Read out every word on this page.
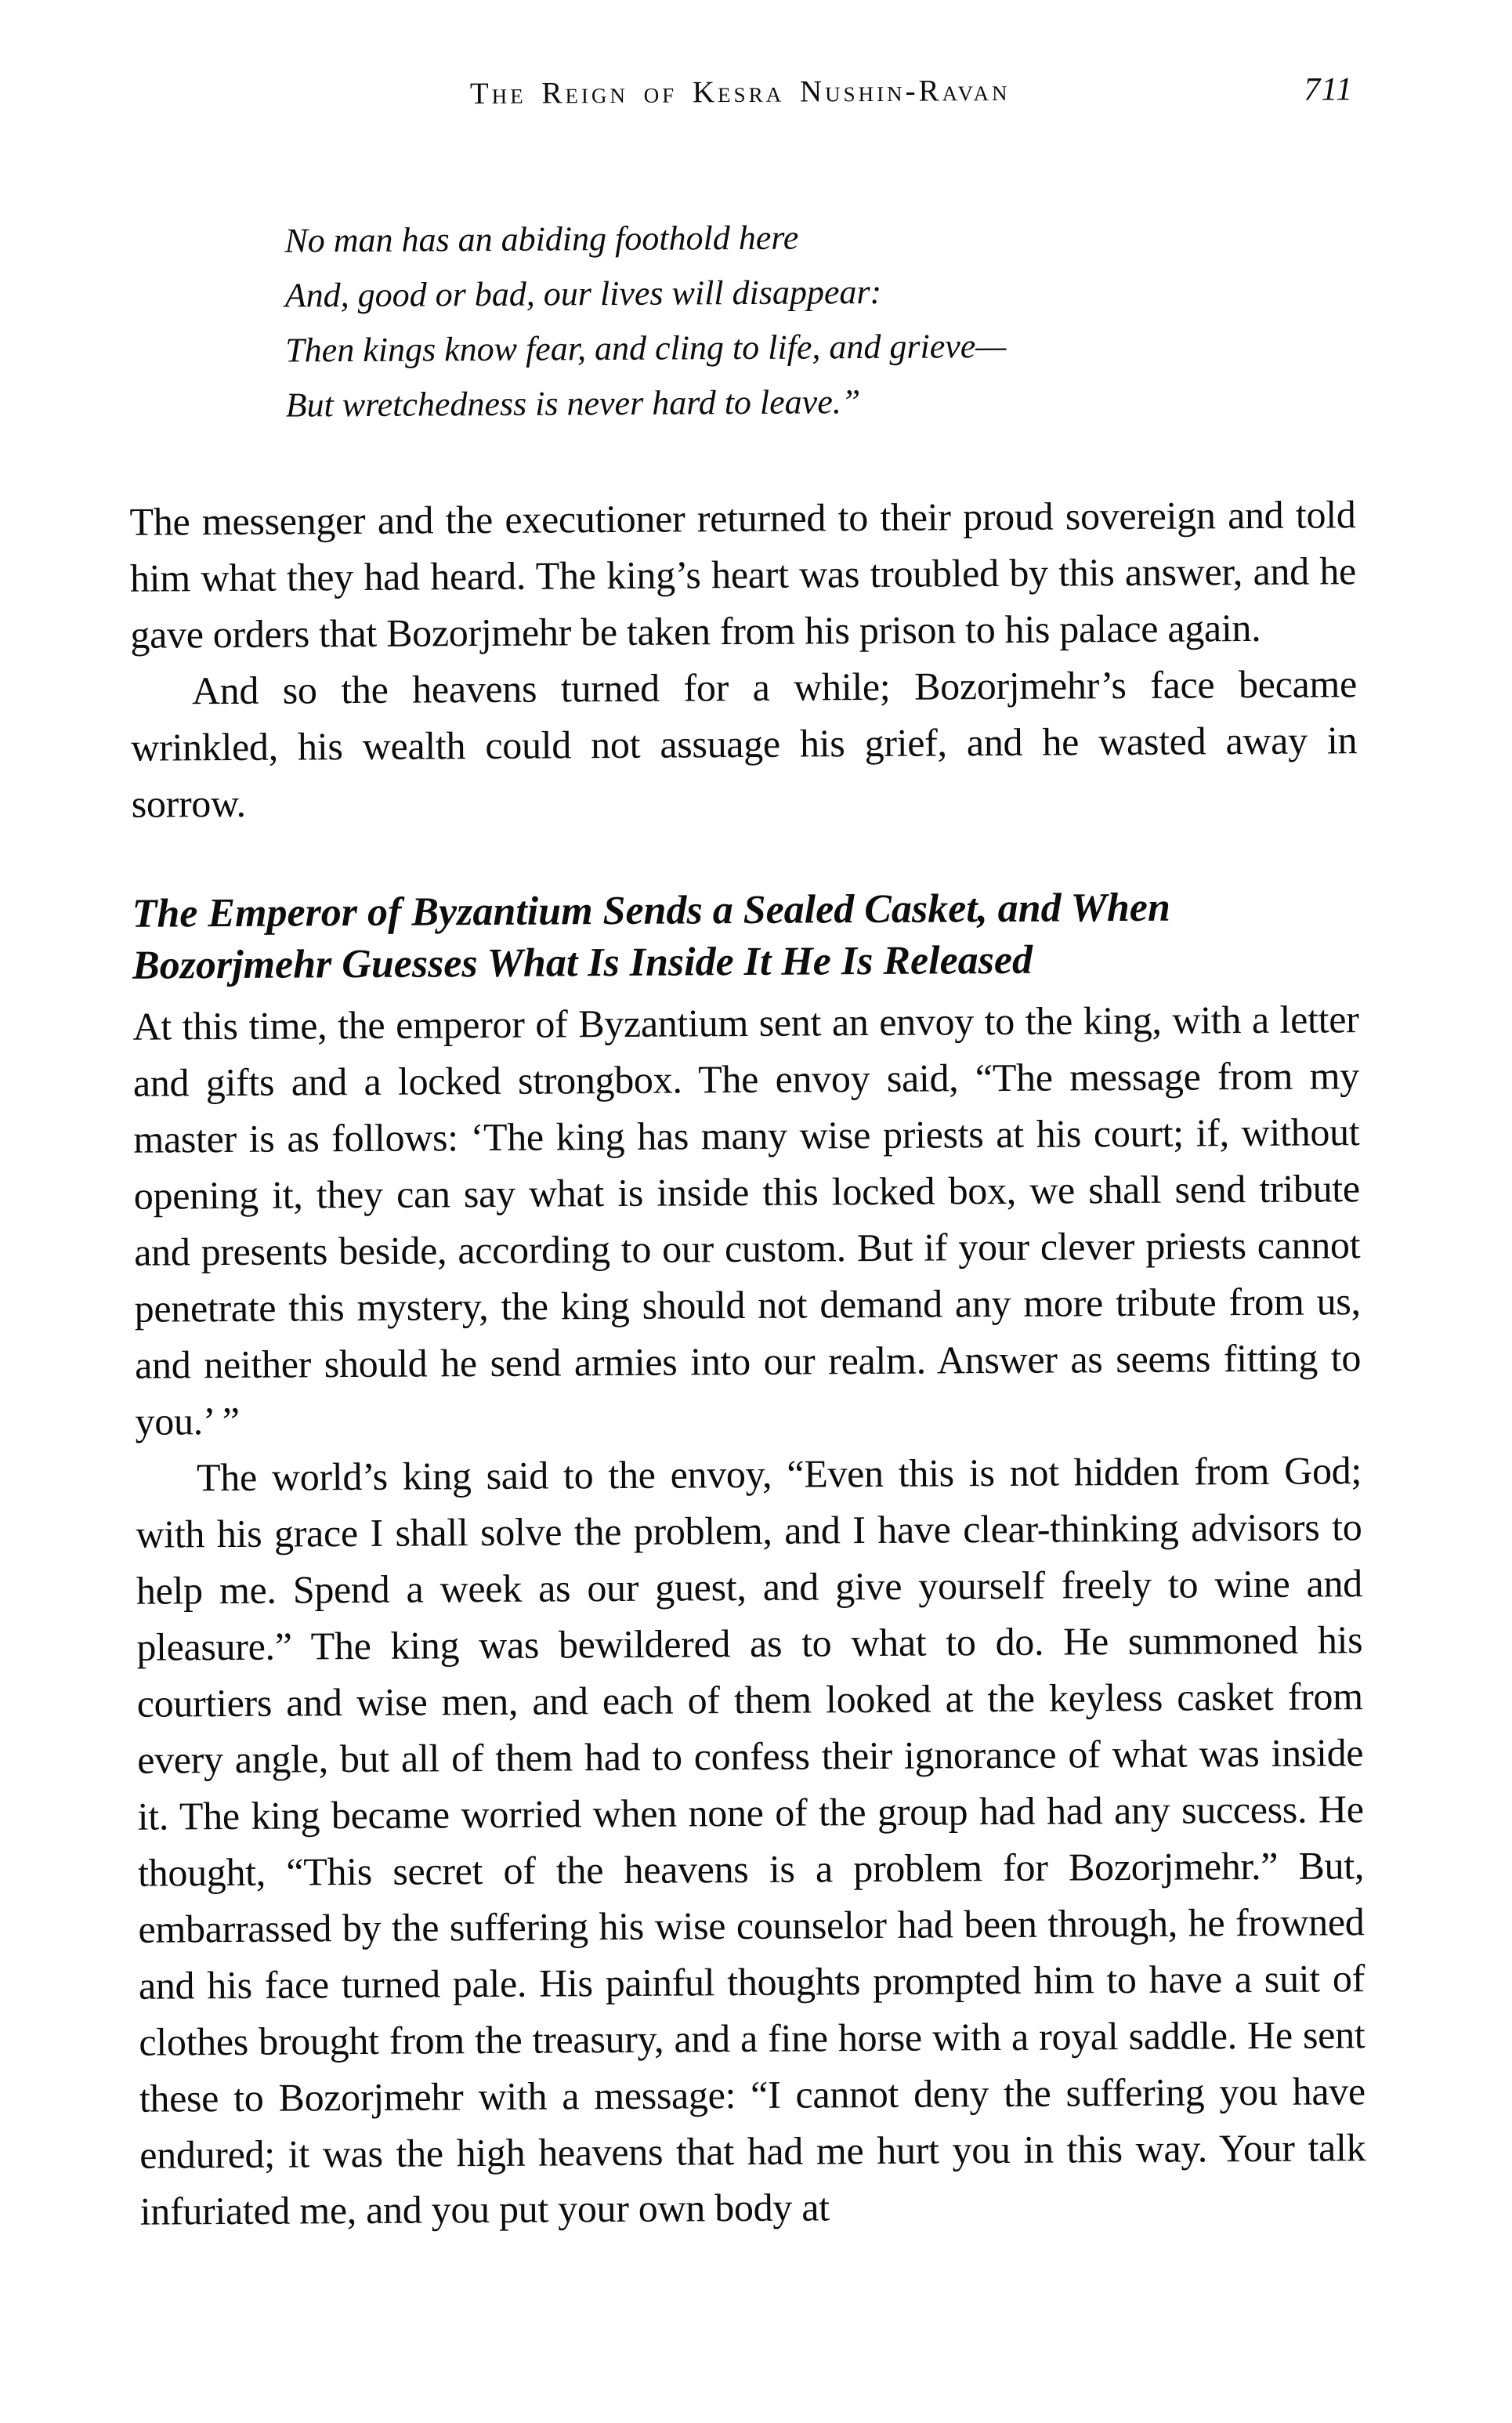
The Reign of Kesra Nushin-Ravan	711
No man has an abiding foothold here
And, good or bad, our lives will disappear:
Then kings know fear, and cling to life, and grieve—
But wretchedness is never hard to leave.”

The messenger and the executioner returned to their proud sovereign and told him what they had heard. The king’s heart was troubled by this answer, and he gave orders that Bozorjmehr be taken from his prison to his palace again.

And so the heavens turned for a while; Bozorjmehr’s face became wrinkled, his wealth could not assuage his grief, and he wasted away in sorrow.

The Emperor of Byzantium Sends a Sealed Casket, and When
Bozorjmehr Guesses What Is Inside It He Is Released

At this time, the emperor of Byzantium sent an envoy to the king, with a letter and gifts and a locked strongbox. The envoy said, “The message from my master is as follows: ‘The king has many wise priests at his court; if, without opening it, they can say what is inside this locked box, we shall send tribute and presents beside, according to our custom. But if your clever priests cannot penetrate this mystery, the king should not demand any more tribute from us, and neither should he send armies into our realm. Answer as seems fitting to you.’ ”

The world’s king said to the envoy, “Even this is not hidden from God; with his grace I shall solve the problem, and I have clear-thinking advisors to help me. Spend a week as our guest, and give yourself freely to wine and pleasure.” The king was bewildered as to what to do. He summoned his courtiers and wise men, and each of them looked at the keyless casket from every angle, but all of them had to confess their ignorance of what was inside it. The king became worried when none of the group had had any success. He thought, “This secret of the heavens is a problem for Bozorjmehr.” But, embarrassed by the suffering his wise counselor had been through, he frowned and his face turned pale. His painful thoughts prompted him to have a suit of clothes brought from the treasury, and a fine horse with a royal saddle. He sent these to Bozorjmehr with a message: “I cannot deny the suffering you have endured; it was the high heavens that had me hurt you in this way. Your talk infuriated me, and you put your own body at
